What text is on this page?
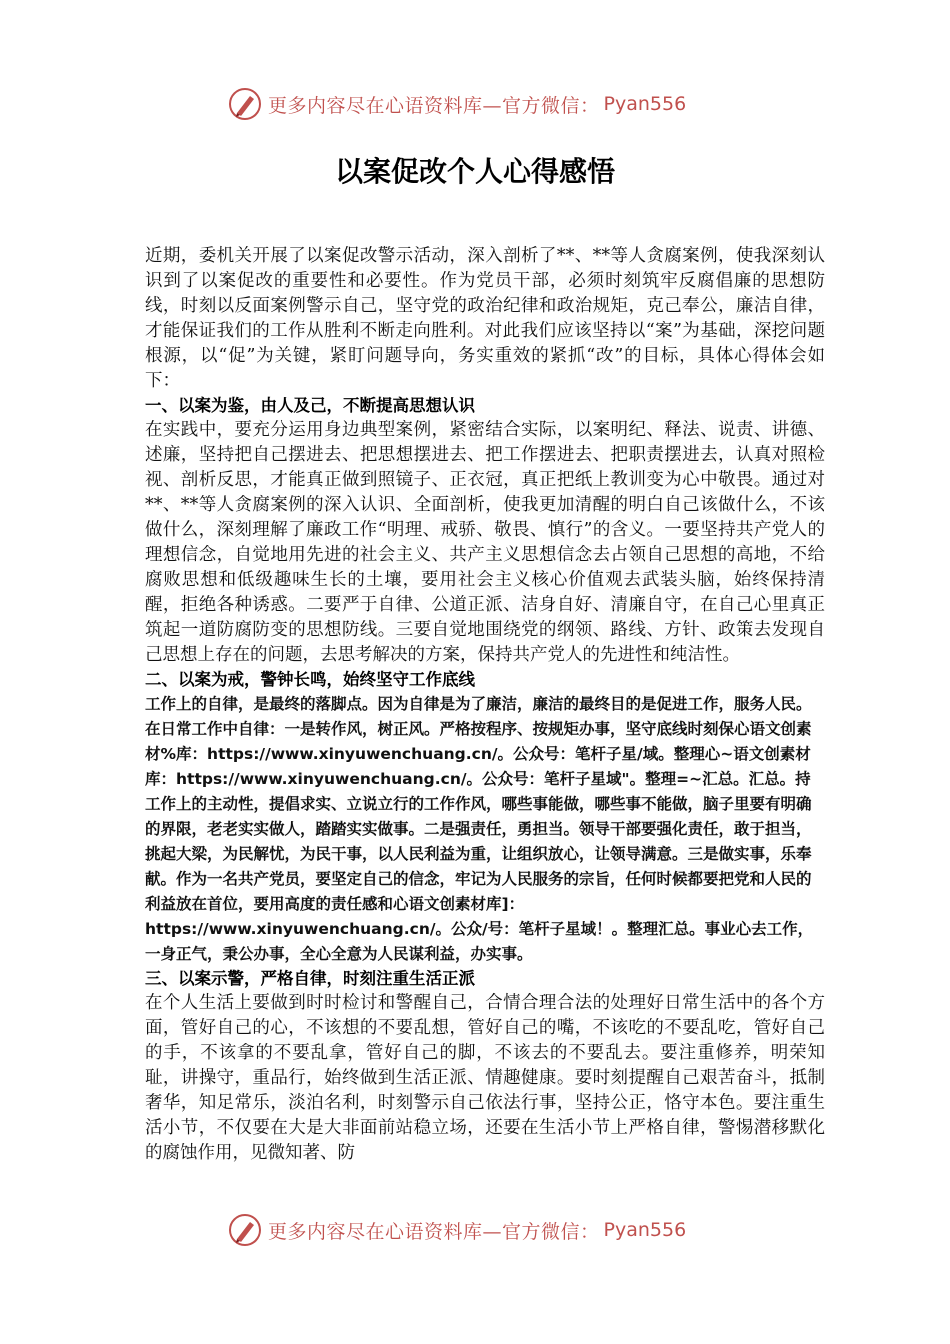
更多内容尽在心语资料库—官方微信： Pyan556
以案促改个人心得感悟

近期，委机关开展了以案促改警示活动，深入剖析了**、**等人贪腐案例，使我深刻认识到了以案促改的重要性和必要性。作为党员干部，必须时刻筑牢反腐倡廉的思想防线，时刻以反面案例警示自己，坚守党的政治纪律和政治规矩，克己奉公，廉洁自律，才能保证我们的工作从胜利不断走向胜利。对此我们应该坚持以“案”为基础，深挖问题根源，以“促”为关键，紧盯问题导向，务实重效的紧抓“改”的目标，具体心得体会如下：

一、以案为鉴，由人及己，不断提高思想认识

在实践中，要充分运用身边典型案例，紧密结合实际，以案明纪、释法、说责、讲德、述廉，坚持把自己摆进去、把思想摆进去、把工作摆进去、把职责摆进去，认真对照检视、剖析反思，才能真正做到照镜子、正衣冠，真正把纸上教训变为心中敬畏。通过对**、**等人贪腐案例的深入认识、全面剖析，使我更加清醒的明白自己该做什么，不该做什么，深刻理解了廉政工作“明理、戒骄、敬畏、慎行”的含义。一要坚持共产党人的理想信念，自觉地用先进的社会主义、共产主义思想信念去占领自己思想的高地，不给腐败思想和低级趣味生长的土壤，要用社会主义核心价值观去武装头脑，始终保持清醒，拒绝各种诱惑。二要严于自律、公道正派、洁身自好、清廉自守，在自己心里真正筑起一道防腐防变的思想防线。三要自觉地围绕党的纲领、路线、方针、政策去发现自己思想上存在的问题，去思考解决的方案，保持共产党人的先进性和纯洁性。

二、以案为戒，警钟长鸣，始终坚守工作底线

工作上的自律，是最终的落脚点。因为自律是为了廉洁，廉洁的最终目的是促进工作，服务人民。在日常工作中自律：一是转作风，树正风。严格按程序、按规矩办事，坚守底线时刻保心语文创素材%库：https://www.xinyuwenchuang.cn/。公众号：笔杆子星/域。整理心~语文创素材库：https://www.xinyuwenchuang.cn/。公众号：笔杆子星域"。整理=~汇总。汇总。持工作上的主动性，提倡求实、立说立行的工作作风，哪些事能做，哪些事不能做，脑子里要有明确的界限，老老实实做人，踏踏实实做事。二是强责任，勇担当。领导干部要强化责任，敢于担当，挑起大梁，为民解忧，为民干事，以人民利益为重，让组织放心，让领导满意。三是做实事，乐奉献。作为一名共产党员，要坚定自己的信念，牢记为人民服务的宗旨，任何时候都要把党和人民的利益放在首位，要用高度的责任感和心语文创素材库]：https://www.xinyuwenchuang.cn/。公众/号：笔杆子星域！。整理汇总。事业心去工作，一身正气，秉公办事，全心全意为人民谋利益，办实事。

三、以案示警，严格自律，时刻注重生活正派

在个人生活上要做到时时检讨和警醒自己，合情合理合法的处理好日常生活中的各个方面，管好自己的心，不该想的不要乱想，管好自己的嘴，不该吃的不要乱吃，管好自己的手，不该拿的不要乱拿，管好自己的脚，不该去的不要乱去。要注重修养，明荣知耻，讲操守，重品行，始终做到生活正派、情趣健康。要时刻提醒自己艰苦奋斗，抵制奢华，知足常乐，淡泊名利，时刻警示自己依法行事，坚持公正，恪守本色。要注重生活小节，不仅要在大是大非面前站稳立场，还要在生活小节上严格自律，警惕潜移默化的腐蚀作用，见微知著、防

更多内容尽在心语资料库—官方微信： Pyan556
